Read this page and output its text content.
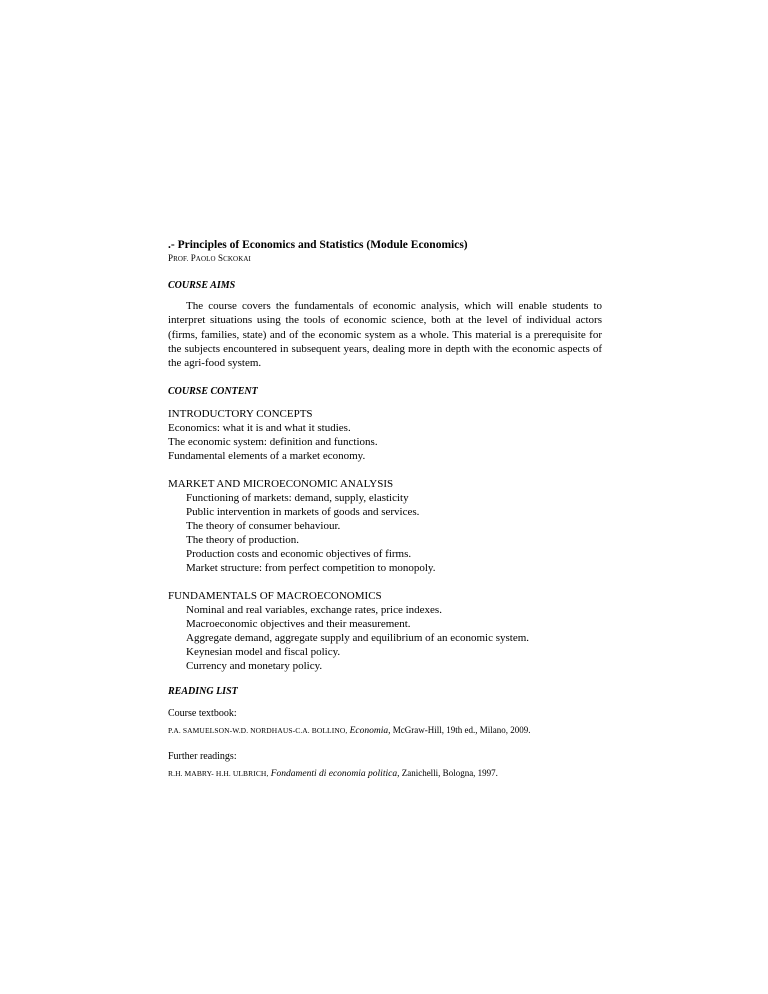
.- Principles of Economics and Statistics (Module Economics)

PROF. PAOLO SCKOKAI

COURSE AIMS

The course covers the fundamentals of economic analysis, which will enable students to interpret situations using the tools of economic science, both at the level of individual actors (firms, families, state) and of the economic system as a whole. This material is a prerequisite for the subjects encountered in subsequent years, dealing more in depth with the economic aspects of the agri-food system.

COURSE CONTENT

INTRODUCTORY CONCEPTS

Economics: what it is and what it studies.

The economic system: definition and functions.

Fundamental elements of a market economy.

MARKET AND MICROECONOMIC ANALYSIS

Functioning of markets: demand, supply, elasticity

Public intervention in markets of goods and services.

The theory of consumer behaviour.

The theory of production.

Production costs and economic objectives of firms.

Market structure: from perfect competition to monopoly.

FUNDAMENTALS OF MACROECONOMICS

Nominal and real variables, exchange rates, price indexes.

Macroeconomic objectives and their measurement.

Aggregate demand, aggregate supply and equilibrium of an economic system.

Keynesian model and fiscal policy.

Currency and monetary policy.

READING LIST

Course textbook:

P.A. SAMUELSON-W.D. NORDHAUS-C.A. BOLLINO, Economia, McGraw-Hill, 19th ed., Milano, 2009.

Further readings:

R.H. MABRY- H.H. ULBRICH, Fondamenti di economia politica, Zanichelli, Bologna, 1997.
